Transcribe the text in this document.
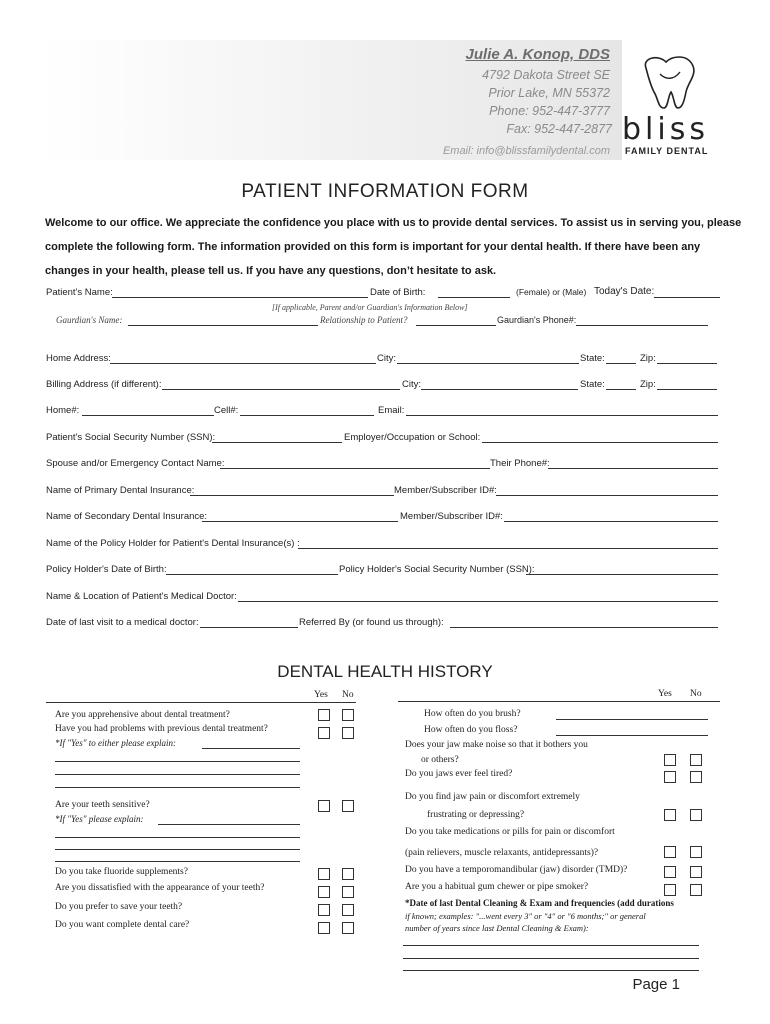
Julie A. Konop, DDS
4792 Dakota Street SE
Prior Lake, MN 55372
Phone: 952-447-3777
Fax: 952-447-2877
Email: info@blissfamilydental.com
bliss
FAMILY DENTAL
PATIENT INFORMATION FORM
Welcome to our office. We appreciate the confidence you place with us to provide dental services. To assist us in serving you, please complete the following form. The information provided on this form is important for your dental health. If there have been any changes in your health, please tell us. If you have any questions, don’t hesitate to ask.
Patient's Name:	Date of Birth:	(Female) or (Male) Today's Date:
[If applicable, Parent and/or Guardian's Information Below]
Gaurdian's Name:	Relationship to Patient?	Gaurdian's Phone#:
Home Address:	City:	State:	Zip:
Billing Address (if different):	City:	State:	Zip:
Home#:	Cell#:	Email:
Patient's Social Security Number (SSN):	Employer/Occupation or School:
Spouse and/or Emergency Contact Name:	Their Phone#:
Name of Primary Dental Insurance:	Member/Subscriber ID#:
Name of Secondary Dental Insurance:	Member/Subscriber ID#:
Name of the Policy Holder for Patient's Dental Insurance(s) :
Policy Holder's Date of Birth:	Policy Holder's Social Security Number (SSN):
Name & Location of Patient's Medical Doctor:
Date of last visit to a medical doctor:	Referred By (or found us through):
DENTAL HEALTH HISTORY
Yes No	Yes No
Are you apprehensive about dental treatment?
Have you had problems with previous dental treatment?
*If "Yes" to either please explain:
Are your teeth sensitive?
*If "Yes" please explain:
Do you take fluoride supplements?
Are you dissatisfied with the appearance of your teeth?
Do you prefer to save your teeth?
Do you want complete dental care?
How often do you brush?
How often do you floss?
Does your jaw make noise so that it bothers you
or others?
Do you jaws ever feel tired?
Do you find jaw pain or discomfort extremely
frustrating or depressing?
Do you take medications or pills for pain or discomfort
(pain relievers, muscle relaxants, antidepressants)?
Do you have a temporomandibular (jaw) disorder (TMD)?
Are you a habitual gum chewer or pipe smoker?
*Date of last Dental Cleaning & Exam and frequencies (add durations
if known; examples: "...went every 3" or "4" or "6 months;" or general
number of years since last Dental Cleaning & Exam):
Page 1
